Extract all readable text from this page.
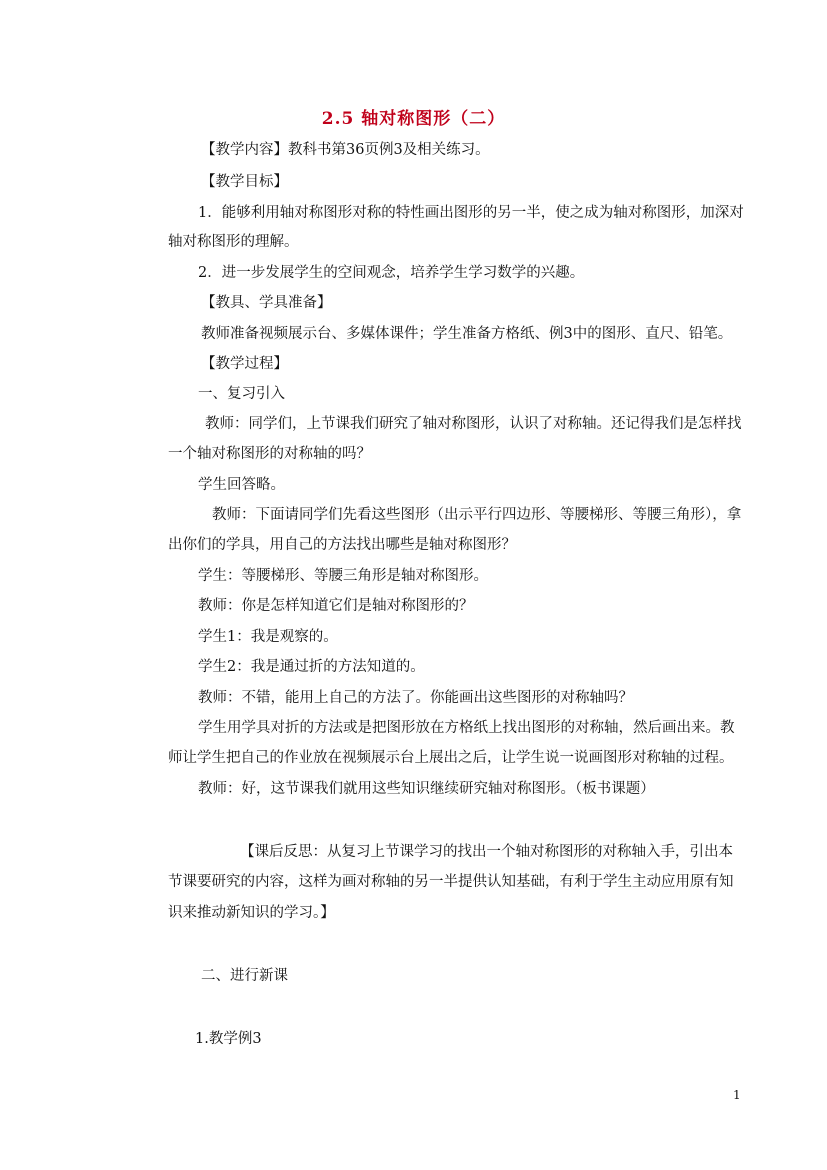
2.5 轴对称图形（二）
【教学内容】教科书第36页例3及相关练习。
【教学目标】
1．能够利用轴对称图形对称的特性画出图形的另一半，使之成为轴对称图形，加深对
轴对称图形的理解。
2．进一步发展学生的空间观念，培养学生学习数学的兴趣。
【教具、学具准备】
教师准备视频展示台、多媒体课件；学生准备方格纸、例3中的图形、直尺、铅笔。
【教学过程】
一、复习引入
教师：同学们，上节课我们研究了轴对称图形，认识了对称轴。还记得我们是怎样找
一个轴对称图形的对称轴的吗？
学生回答略。
教师：下面请同学们先看这些图形（出示平行四边形、等腰梯形、等腰三角形），拿
出你们的学具，用自己的方法找出哪些是轴对称图形？
学生：等腰梯形、等腰三角形是轴对称图形。
教师：你是怎样知道它们是轴对称图形的？
学生1：我是观察的。
学生2：我是通过折的方法知道的。
教师：不错，能用上自己的方法了。你能画出这些图形的对称轴吗？
学生用学具对折的方法或是把图形放在方格纸上找出图形的对称轴，然后画出来。教
师让学生把自己的作业放在视频展示台上展出之后，让学生说一说画图形对称轴的过程。
教师：好，这节课我们就用这些知识继续研究轴对称图形。（板书课题）
【课后反思：从复习上节课学习的找出一个轴对称图形的对称轴入手，引出本
节课要研究的内容，这样为画对称轴的另一半提供认知基础，有利于学生主动应用原有知
识来推动新知识的学习。】
二、进行新课
1.教学例3
1
